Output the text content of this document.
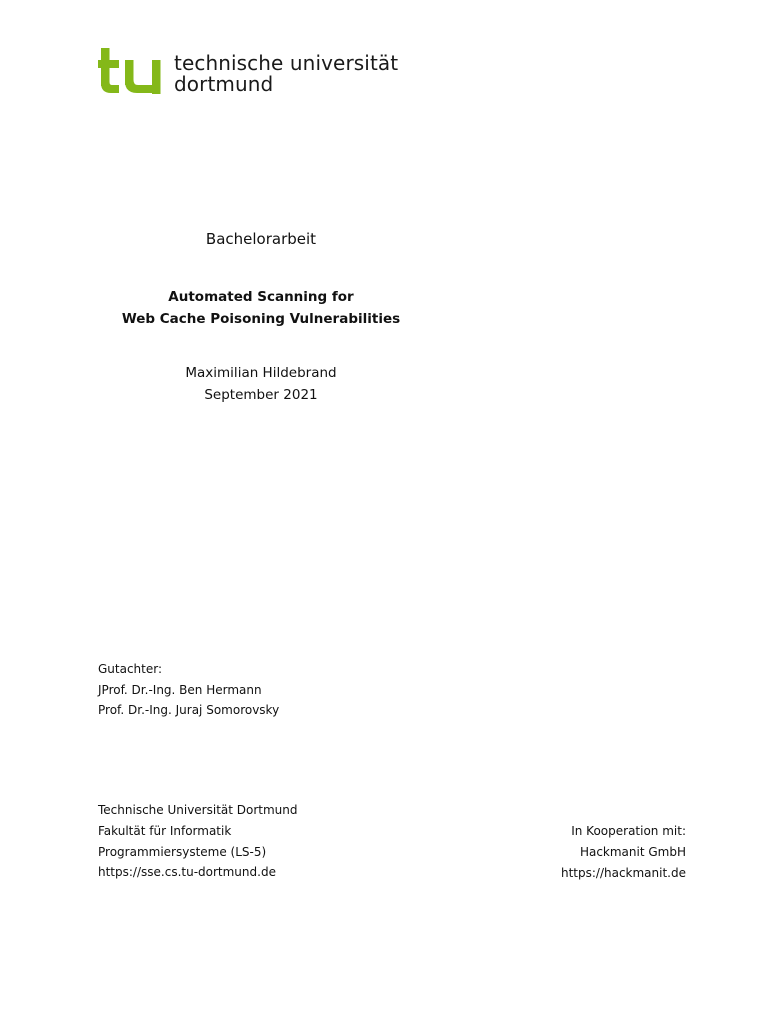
technische universität
dortmund
Bachelorarbeit
Automated Scanning for
Web Cache Poisoning Vulnerabilities
Maximilian Hildebrand
September 2021
Gutachter:
JProf. Dr.-Ing. Ben Hermann
Prof. Dr.-Ing. Juraj Somorovsky
Technische Universität Dortmund
Fakultät für Informatik
Programmiersysteme (LS-5)
https://sse.cs.tu-dortmund.de
In Kooperation mit:
Hackmanit GmbH
https://hackmanit.de
